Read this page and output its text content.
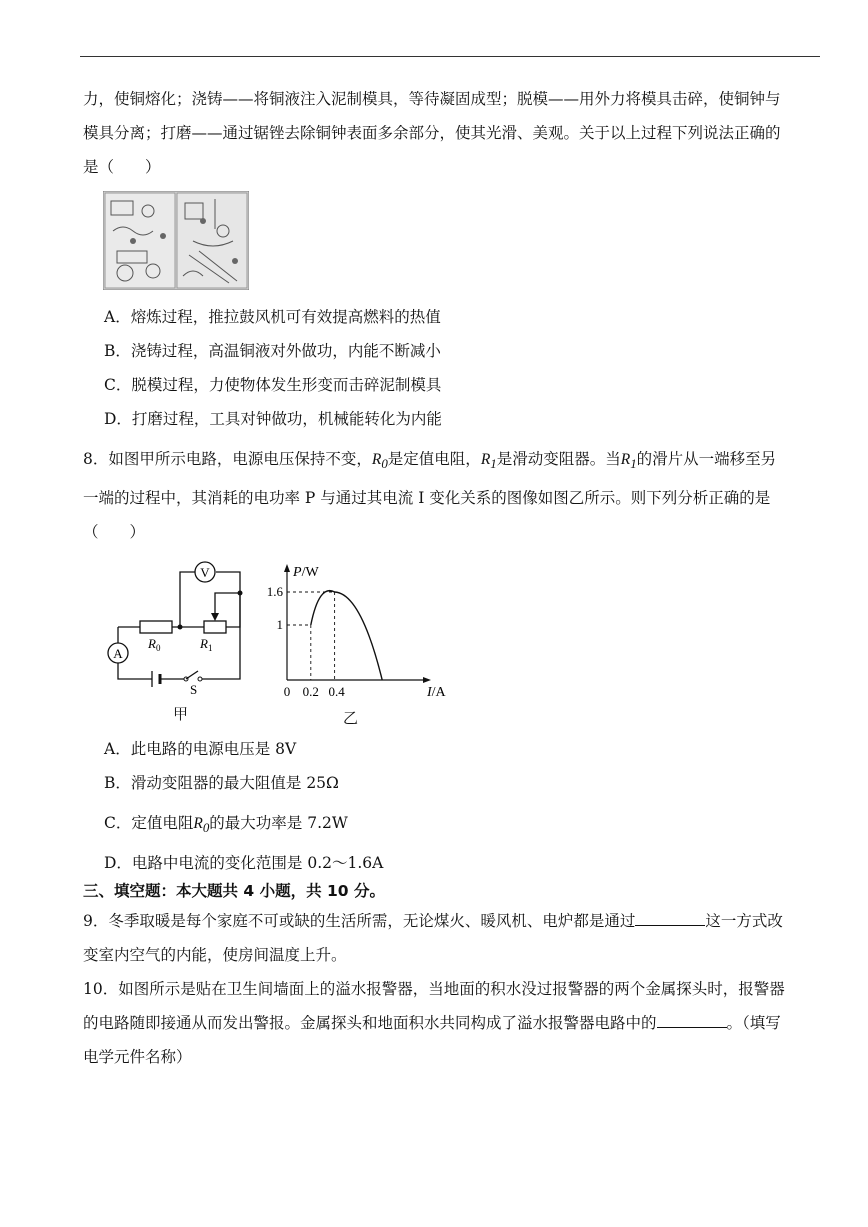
力，使铜熔化；浇铸——将铜液注入泥制模具，等待凝固成型；脱模——用外力将模具击碎，使铜钟与
模具分离；打磨——通过锯锉去除铜钟表面多余部分，使其光滑、美观。关于以上过程下列说法正确的
是（　　）
A．熔炼过程，推拉鼓风机可有效提高燃料的热值
B．浇铸过程，高温铜液对外做功，内能不断减小
C．脱模过程，力使物体发生形变而击碎泥制模具
D．打磨过程，工具对钟做功，机械能转化为内能
8．如图甲所示电路，电源电压保持不变，$R_0$是定值电阻，$R_1$是滑动变阻器。当$R_1$的滑片从一端移至另
一端的过程中，其消耗的电功率 P 与通过其电流 I 变化关系的图像如图乙所示。则下列分析正确的是
（　　）
V
A
$R_0$	$R_1$
S
甲
P/W
I/A
1.6
1
0 0.2 0.4
乙
A．此电路的电源电压是 8V
B．滑动变阻器的最大阻值是 25Ω
C．定值电阻$R_0$的最大功率是 7.2W
D．电路中电流的变化范围是 0.2～1.6A
三、填空题：本大题共 4 小题，共 10 分。
9．冬季取暖是每个家庭不可或缺的生活所需，无论煤火、暖风机、电炉都是通过	这一方式改
变室内空气的内能，使房间温度上升。
10．如图所示是贴在卫生间墙面上的溢水报警器，当地面的积水没过报警器的两个金属探头时，报警器
的电路随即接通从而发出警报。金属探头和地面积水共同构成了溢水报警器电路中的	。（填写
电学元件名称）
